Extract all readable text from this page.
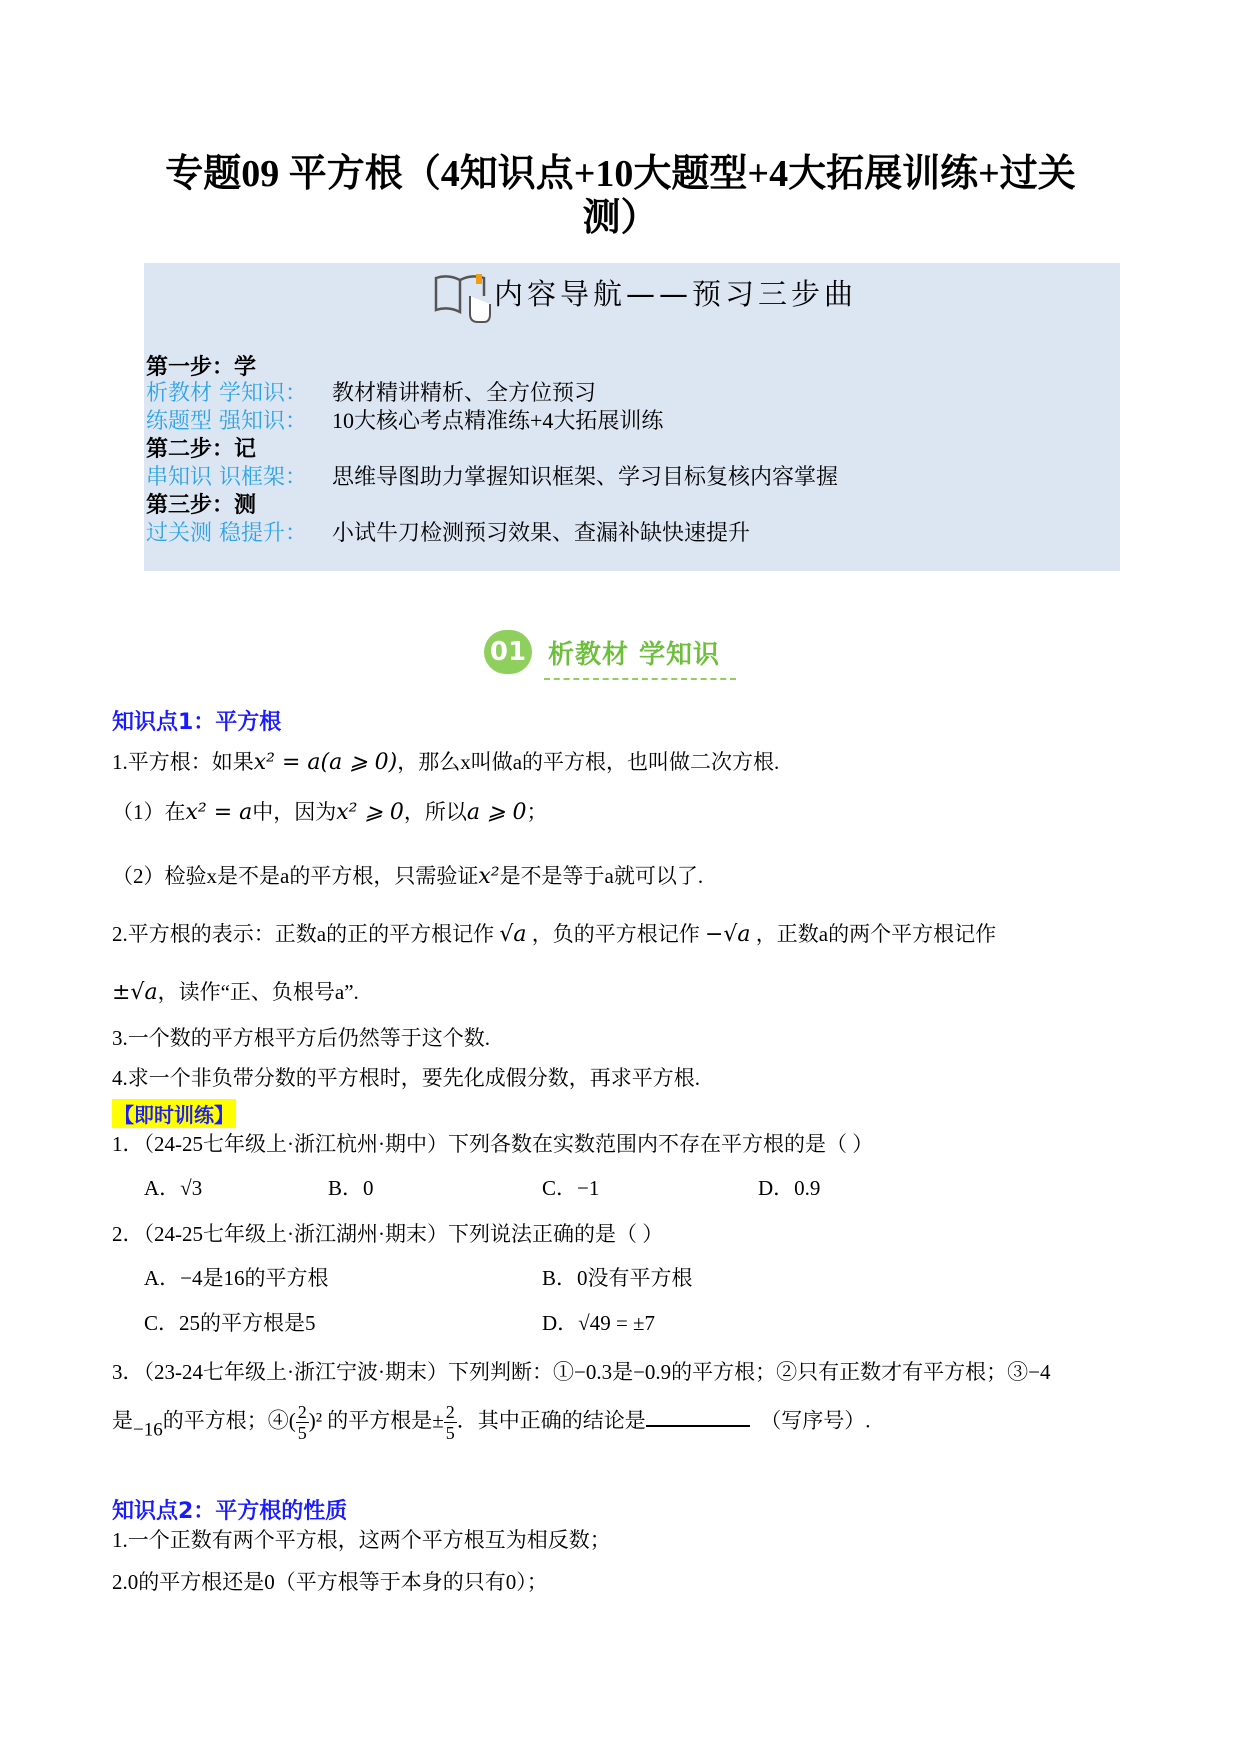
专题09 平方根（4知识点+10大题型+4大拓展训练+过关
测）
内容导航——预习三步曲
第一步：学
析教材 学知识： 教材精讲精析、全方位预习
练题型 强知识： 10大核心考点精准练+4大拓展训练
第二步：记
串知识 识框架： 思维导图助力掌握知识框架、学习目标复核内容掌握
第三步：测
过关测 稳提升： 小试牛刀检测预习效果、查漏补缺快速提升
01 析教材 学知识
知识点1：平方根
1.平方根：如果x² = a(a ⩾ 0)，那么x叫做a的平方根，也叫做二次方根.
（1）在x² = a中，因为x² ⩾ 0，所以a ⩾ 0；
（2）检验x是不是a的平方根，只需验证x²是不是等于a就可以了.
2.平方根的表示：正数a的正的平方根记作 √a ，负的平方根记作 −√a ，正数a的两个平方根记作
±√a，读作“正、负根号a”.
3.一个数的平方根平方后仍然等于这个数.
4.求一个非负带分数的平方根时，要先化成假分数，再求平方根.
【即时训练】
1．（24-25七年级上·浙江杭州·期中）下列各数在实数范围内不存在平方根的是（ ）
A．√3	B．0	C．−1	D．0.9
2．（24-25七年级上·浙江湖州·期末）下列说法正确的是（ ）
A．−4是16的平方根	B．0没有平方根
C．25的平方根是5	D．√49 = ±7
3．（23-24七年级上·浙江宁波·期末）下列判断：①−0.3是−0.9的平方根；②只有正数才有平方根；③−4
是−16的平方根；④( $\frac{2}{5} )^2$ 的平方根是± $\frac{2}{5}$ ．其中正确的结论是	（写序号）.
知识点2：平方根的性质
1.一个正数有两个平方根，这两个平方根互为相反数；
2.0的平方根还是0（平方根等于本身的只有0）；
